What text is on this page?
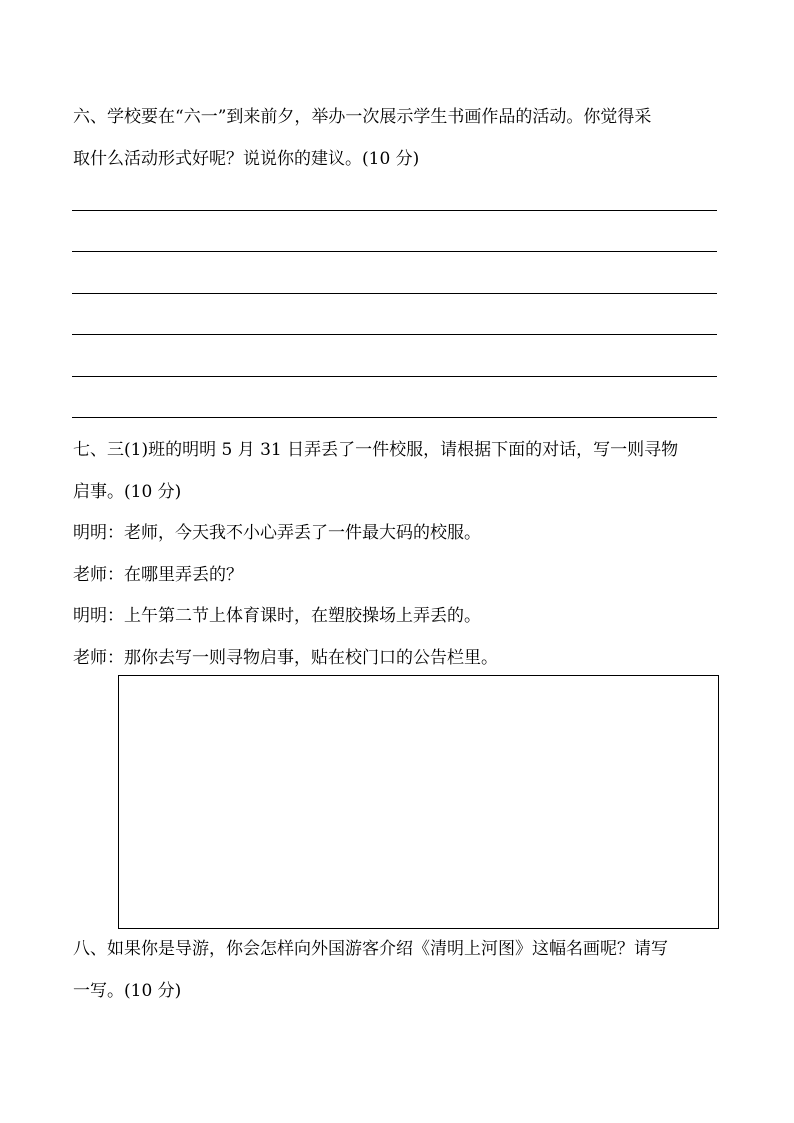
六、学校要在“六一”到来前夕，举办一次展示学生书画作品的活动。你觉得采
取什么活动形式好呢？说说你的建议。(10 分)
七、三(1)班的明明 5 月 31 日弄丢了一件校服，请根据下面的对话，写一则寻物
启事。(10 分)
明明：老师，今天我不小心弄丢了一件最大码的校服。
老师：在哪里弄丢的？
明明：上午第二节上体育课时，在塑胶操场上弄丢的。
老师：那你去写一则寻物启事，贴在校门口的公告栏里。
八、如果你是导游，你会怎样向外国游客介绍《清明上河图》这幅名画呢？请写
一写。(10 分)
